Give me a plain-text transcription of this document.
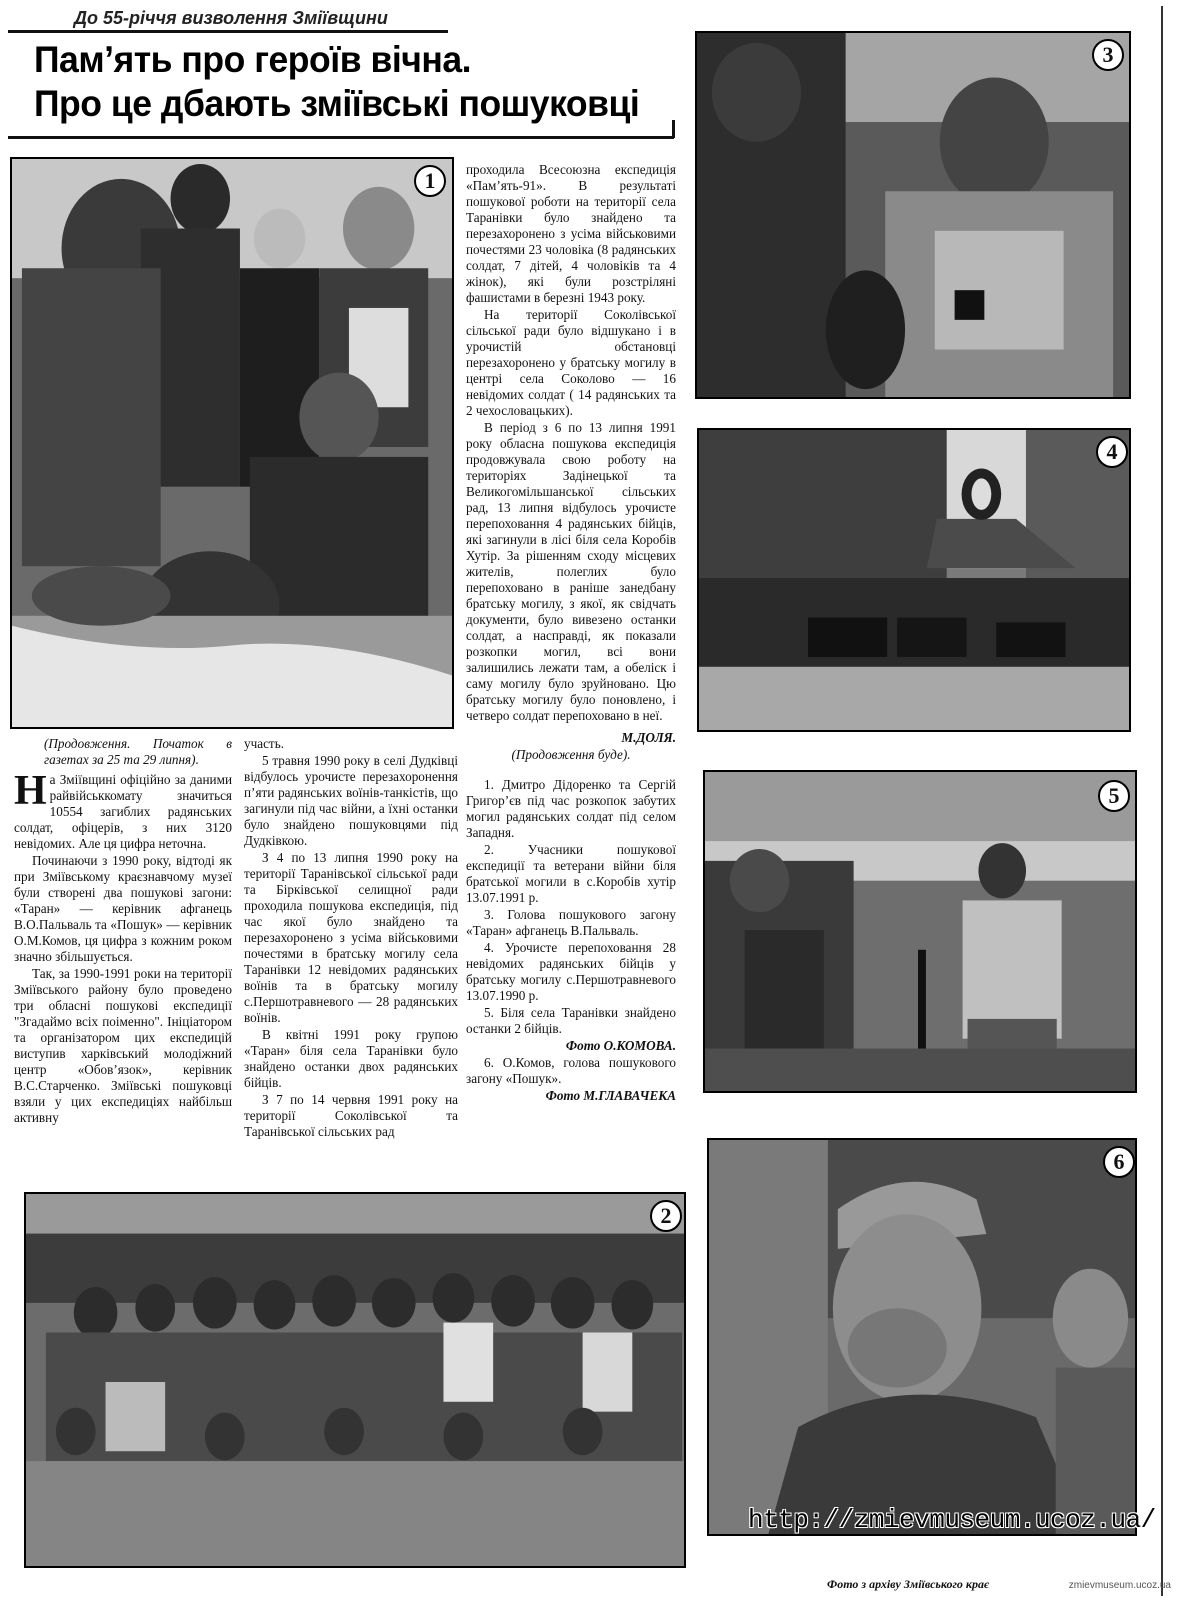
До 55-річчя визволення Зміївщини
Пам’ять про героїв вічна.
Про це дбають зміївські пошуковці
1
3
4
5
6
2

(Продовження. Початок в газетах за 25 та 29 липня).

На Зміївщині офіційно за даними райвійськкомату значиться 10554 загиблих радянських солдат, офіцерів, з них 3120 невідомих. Але ця цифра неточна.

Починаючи з 1990 року, відтоді як при Зміївському краєзнавчому музеї були створені два пошукові загони: «Таран» — керівник афганець В.О.Пальваль та «Пошук» — керівник О.М.Комов, ця цифра з кожним роком значно збільшується.

Так, за 1990-1991 роки на території Зміївського району було проведено три обласні пошукові експедиції "Згадаймо всіх поіменно". Ініціатором та організатором цих експедицій виступив харківський молодіжний центр «Обов’язок», керівник В.С.Старченко. Зміївські пошуковці взяли у цих експедиціях найбільш активну

участь.

5 травня 1990 року в селі Дудківці відбулось урочисте перезахоронення п’яти радянських воїнів-танкістів, що загинули під час війни, а їхні останки було знайдено пошуковцями під Дудківкою.

З 4 по 13 липня 1990 року на території Таранівської сільської ради та Бірківської селищної ради проходила пошукова експедиція, під час якої було знайдено та перезахоронено з усіма військовими почестями в братську могилу села Таранівки 12 невідомих радянських воїнів та в братську могилу с.Першотравневого — 28 радянських воїнів.

В квітні 1991 року групою «Таран» біля села Таранівки було знайдено останки двох радянських бійців.

З 7 по 14 червня 1991 року на території Соколівської та Таранівської сільських рад

проходила Всесоюзна експедиція «Пам’ять-91». В результаті пошукової роботи на території села Таранівки було знайдено та перезахоронено з усіма військовими почестями 23 чоловіка (8 радянських солдат, 7 дітей, 4 чоловіків та 4 жінок), які були розстріляні фашистами в березні 1943 року.

На території Соколівської сільської ради було відшукано і в урочистій обстановці перезахоронено у братську могилу в центрі села Соколово — 16 невідомих солдат ( 14 радянських та 2 чехословацьких).

В період з 6 по 13 липня 1991 року обласна пошукова експедиція продовжувала свою роботу на територіях Задінецької та Великогомільшанської сільських рад, 13 липня відбулось урочисте перепоховання 4 радянських бійців, які загинули в лісі біля села Коробів Хутір. За рішенням сходу місцевих жителів, полеглих було перепоховано в раніше занедбану братську могилу, з якої, як свідчать документи, було вивезено останки солдат, а насправді, як показали розкопки могил, всі вони залишились лежати там, а обеліск і саму могилу було зруйновано. Цю братську могилу було поновлено, і четверо солдат перепоховано в неї.

М.ДОЛЯ.

(Продовження буде).

1. Дмитро Дідоренко та Сергій Григор’єв під час розкопок забутих могил радянських солдат під селом Западня.

2. Учасники пошукової експедиції та ветерани війни біля братської могили в с.Коробів хутір 13.07.1991 р.

3. Голова пошукового загону «Таран» афганець В.Пальваль.

4. Урочисте перепоховання 28 невідомих радянських бійців у братську могилу с.Першотравневого 13.07.1990 р.

5. Біля села Таранівки знайдено останки 2 бійців.

Фото О.КОМОВА.

6. О.Комов, голова пошукового загону «Пошук».

Фото М.ГЛАВАЧЕКА

http://zmievmuseum.ucoz.ua/
Фото з архіву Зміївського крає	zmievmuseum.ucoz.ua
